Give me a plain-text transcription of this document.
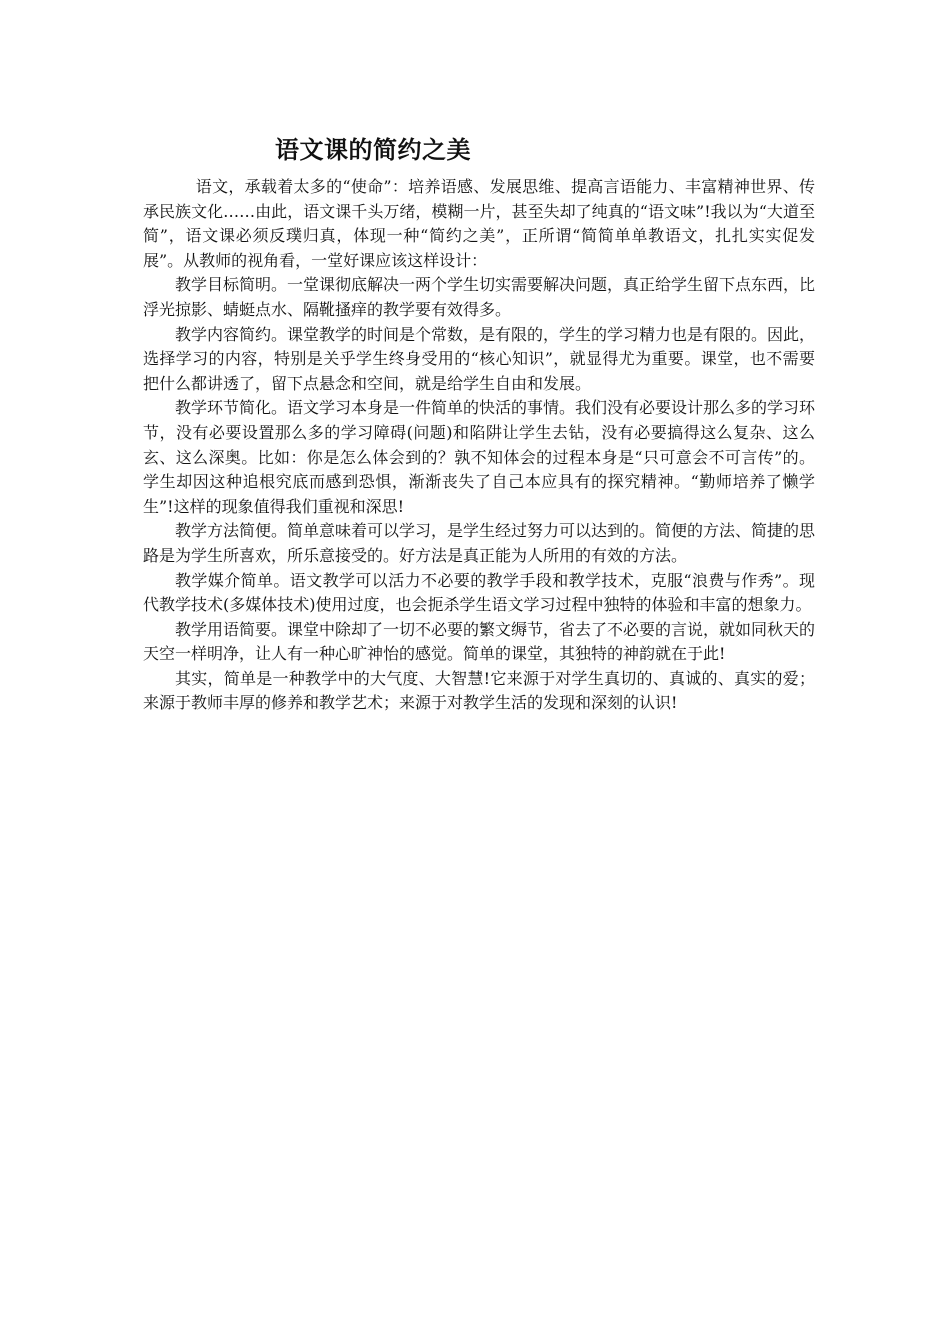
语文课的简约之美

语文，承载着太多的“使命”：培养语感、发展思维、提高言语能力、丰富精神世界、传承民族文化……由此，语文课千头万绪，模糊一片，甚至失却了纯真的“语文味”!我以为“大道至简”，语文课必须反璞归真，体现一种“简约之美”，正所谓“简简单单教语文，扎扎实实促发展”。从教师的视角看，一堂好课应该这样设计：

教学目标简明。一堂课彻底解决一两个学生切实需要解决问题，真正给学生留下点东西，比浮光掠影、蜻蜓点水、隔靴搔痒的教学要有效得多。

教学内容简约。课堂教学的时间是个常数，是有限的，学生的学习精力也是有限的。因此，选择学习的内容，特别是关乎学生终身受用的“核心知识”，就显得尤为重要。课堂，也不需要把什么都讲透了，留下点悬念和空间，就是给学生自由和发展。

教学环节简化。语文学习本身是一件简单的快活的事情。我们没有必要设计那么多的学习环节，没有必要设置那么多的学习障碍(问题)和陷阱让学生去钻，没有必要搞得这么复杂、这么玄、这么深奥。比如：你是怎么体会到的？孰不知体会的过程本身是“只可意会不可言传”的。学生却因这种追根究底而感到恐惧，渐渐丧失了自己本应具有的探究精神。“勤师培养了懒学生”!这样的现象值得我们重视和深思!

教学方法简便。简单意味着可以学习，是学生经过努力可以达到的。简便的方法、简捷的思路是为学生所喜欢，所乐意接受的。好方法是真正能为人所用的有效的方法。

教学媒介简单。语文教学可以活力不必要的教学手段和教学技术，克服“浪费与作秀”。现代教学技术(多媒体技术)使用过度，也会扼杀学生语文学习过程中独特的体验和丰富的想象力。

教学用语简要。课堂中除却了一切不必要的繁文缛节，省去了不必要的言说，就如同秋天的天空一样明净，让人有一种心旷神怡的感觉。简单的课堂，其独特的神韵就在于此!

其实，简单是一种教学中的大气度、大智慧!它来源于对学生真切的、真诚的、真实的爱；来源于教师丰厚的修养和教学艺术；来源于对教学生活的发现和深刻的认识!
